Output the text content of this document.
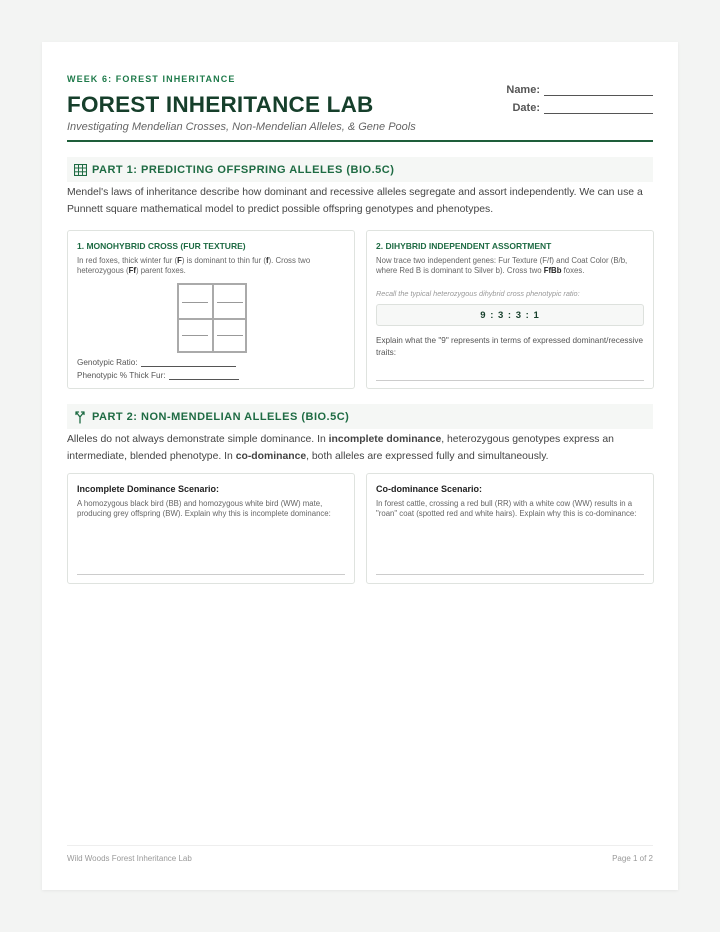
WEEK 6: FOREST INHERITANCE
FOREST INHERITANCE LAB
Investigating Mendelian Crosses, Non-Mendelian Alleles, & Gene Pools
Name:
Date:
PART 1: PREDICTING OFFSPRING ALLELES (BIO.5C)
Mendel's laws of inheritance describe how dominant and recessive alleles segregate and assort independently. We can use a Punnett square mathematical model to predict possible offspring genotypes and phenotypes.
1. MONOHYBRID CROSS (FUR TEXTURE)
In red foxes, thick winter fur (F) is dominant to thin fur (f). Cross two heterozygous (Ff) parent foxes.
Genotypic Ratio:
Phenotypic % Thick Fur:
2. DIHYBRID INDEPENDENT ASSORTMENT
Now trace two independent genes: Fur Texture (F/f) and Coat Color (B/b, where Red B is dominant to Silver b). Cross two FfBb foxes.
Recall the typical heterozygous dihybrid cross phenotypic ratio:
9 : 3 : 3 : 1
Explain what the "9" represents in terms of expressed dominant/recessive traits:
PART 2: NON-MENDELIAN ALLELES (BIO.5C)
Alleles do not always demonstrate simple dominance. In incomplete dominance, heterozygous genotypes express an intermediate, blended phenotype. In co-dominance, both alleles are expressed fully and simultaneously.
Incomplete Dominance Scenario:
A homozygous black bird (BB) and homozygous white bird (WW) mate, producing grey offspring (BW). Explain why this is incomplete dominance:
Co-dominance Scenario:
In forest cattle, crossing a red bull (RR) with a white cow (WW) results in a "roan" coat (spotted red and white hairs). Explain why this is co-dominance:
Wild Woods Forest Inheritance Lab	Page 1 of 2
